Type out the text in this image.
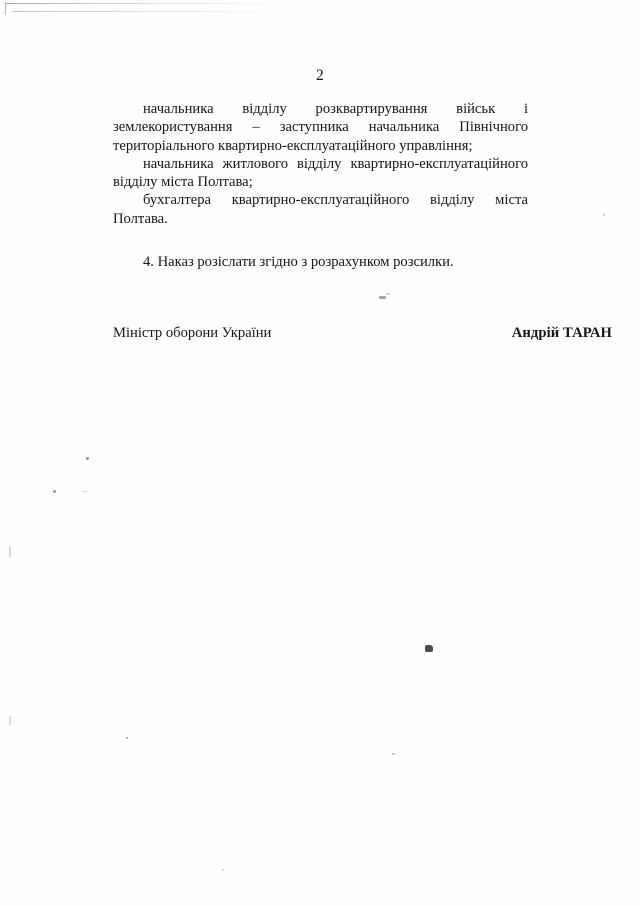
2

начальника відділу розквартирування військ і землекористування – заступника начальника Північного територіального квартирно-експлуатаційного управління;

начальника житлового відділу квартирно-експлуатаційного відділу міста Полтава;

бухгалтера квартирно-експлуатаційного відділу міста Полтава.

4. Наказ розіслати згідно з розрахунком розсилки.

Міністр оборони України	Андрій ТАРАН
